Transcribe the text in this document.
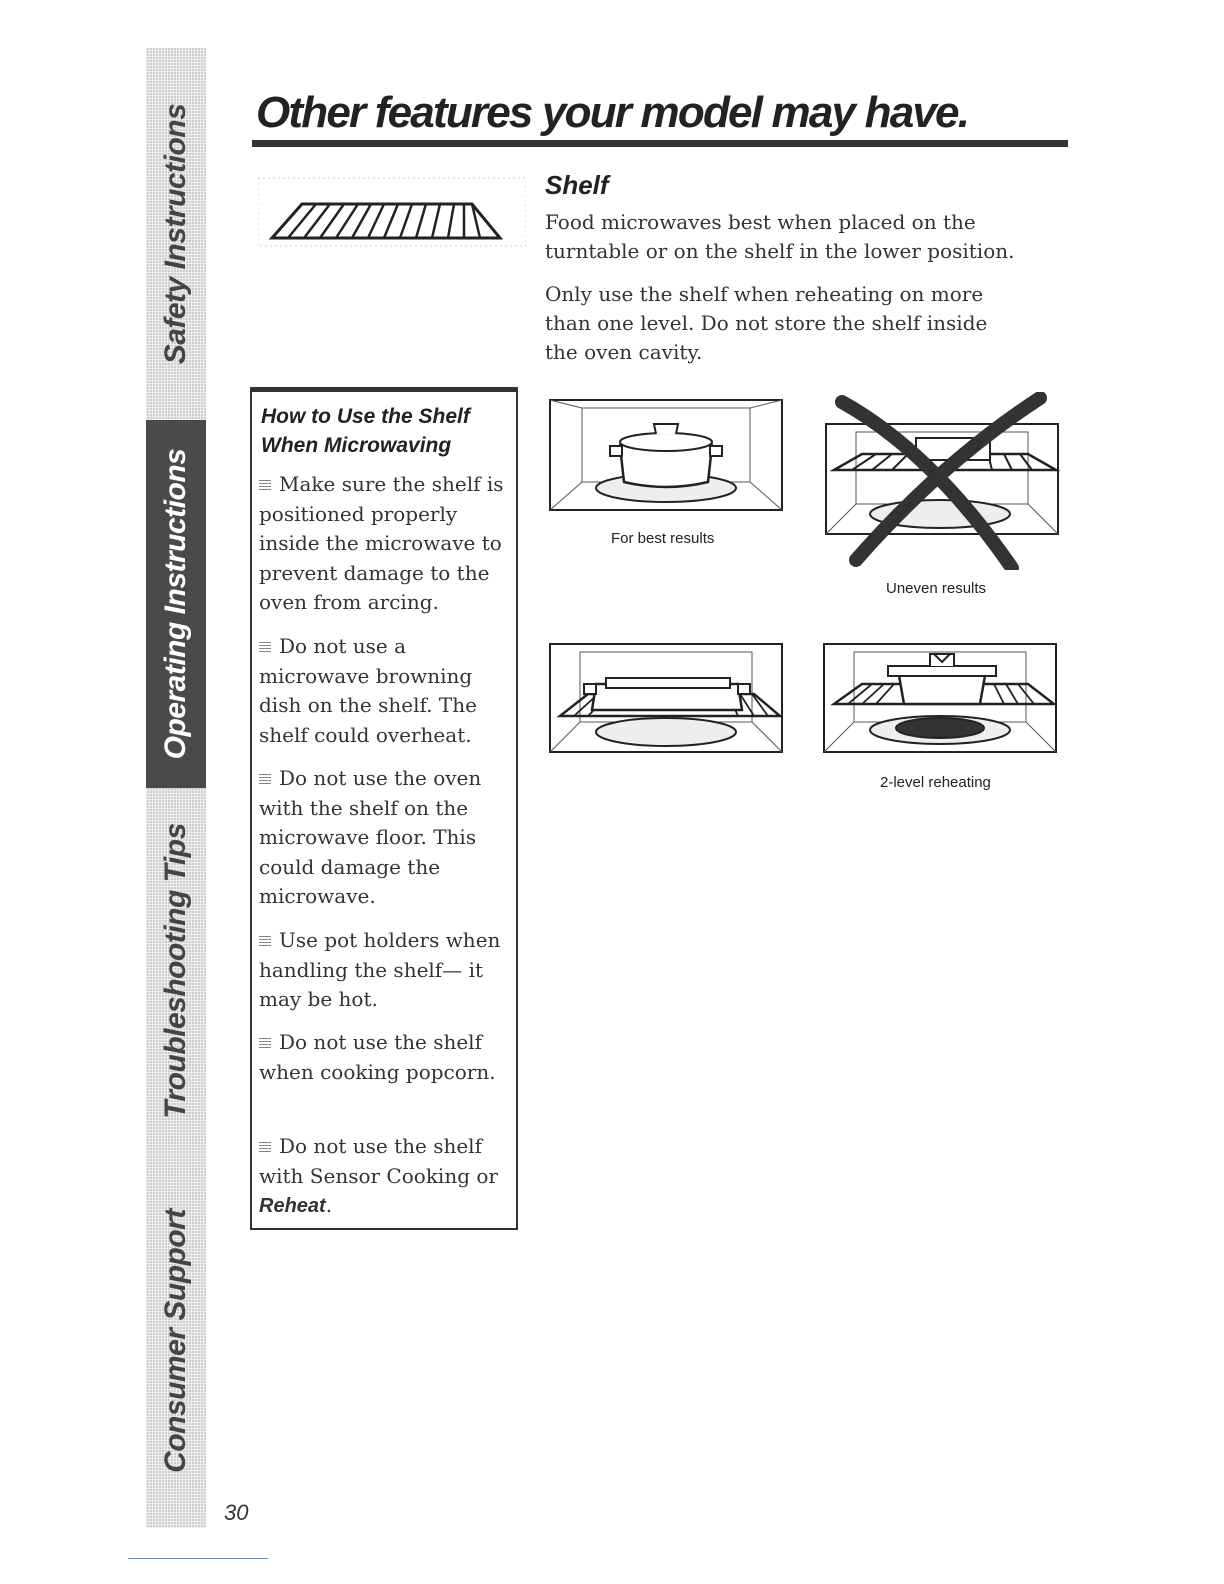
Safety Instructions
Operating Instructions
Troubleshooting Tips
Consumer Support
Other features your model may have.
Shelf

Food microwaves best when placed on the turntable or on the shelf in the lower position.

Only use the shelf when reheating on more than one level. Do not store the shelf inside the oven cavity.

How to Use the Shelf When Microwaving
Make sure the shelf is positioned properly inside the microwave to prevent damage to the oven from arcing.
Do not use a microwave browning dish on the shelf. The shelf could overheat.
Do not use the oven with the shelf on the microwave floor. This could damage the microwave.
Use pot holders when handling the shelf— it may be hot.
Do not use the shelf when cooking popcorn.
Do not use the shelf with Sensor Cooking or Reheat.

For best results

Uneven results

2-level reheating

30
